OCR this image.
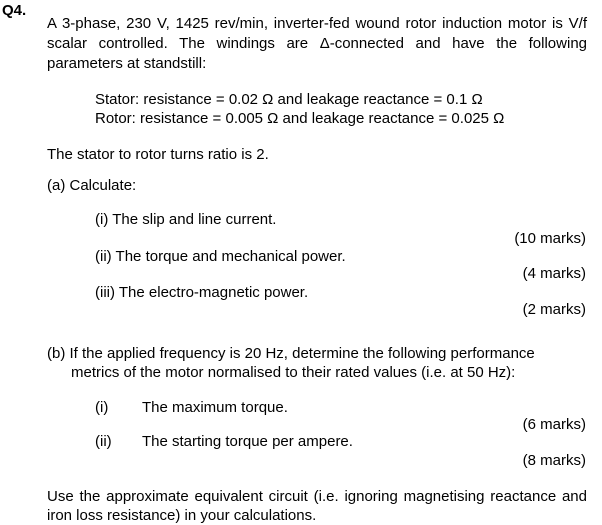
Q4.
A 3-phase, 230 V, 1425 rev/min, inverter-fed wound rotor induction motor is V/f scalar controlled. The windings are Δ-connected and have the following parameters at standstill:
Stator: resistance = 0.02 Ω and leakage reactance = 0.1 Ω
Rotor: resistance = 0.005 Ω and leakage reactance = 0.025 Ω
The stator to rotor turns ratio is 2.
(a) Calculate:
(i) The slip and line current.
(10 marks)
(ii) The torque and mechanical power.
(4 marks)
(iii) The electro-magnetic power.
(2 marks)
(b) If the applied frequency is 20 Hz, determine the following performance
metrics of the motor normalised to their rated values (i.e. at 50 Hz):
(i) The maximum torque.
(6 marks)
(ii) The starting torque per ampere.
(8 marks)
Use the approximate equivalent circuit (i.e. ignoring magnetising reactance and iron loss resistance) in your calculations.
